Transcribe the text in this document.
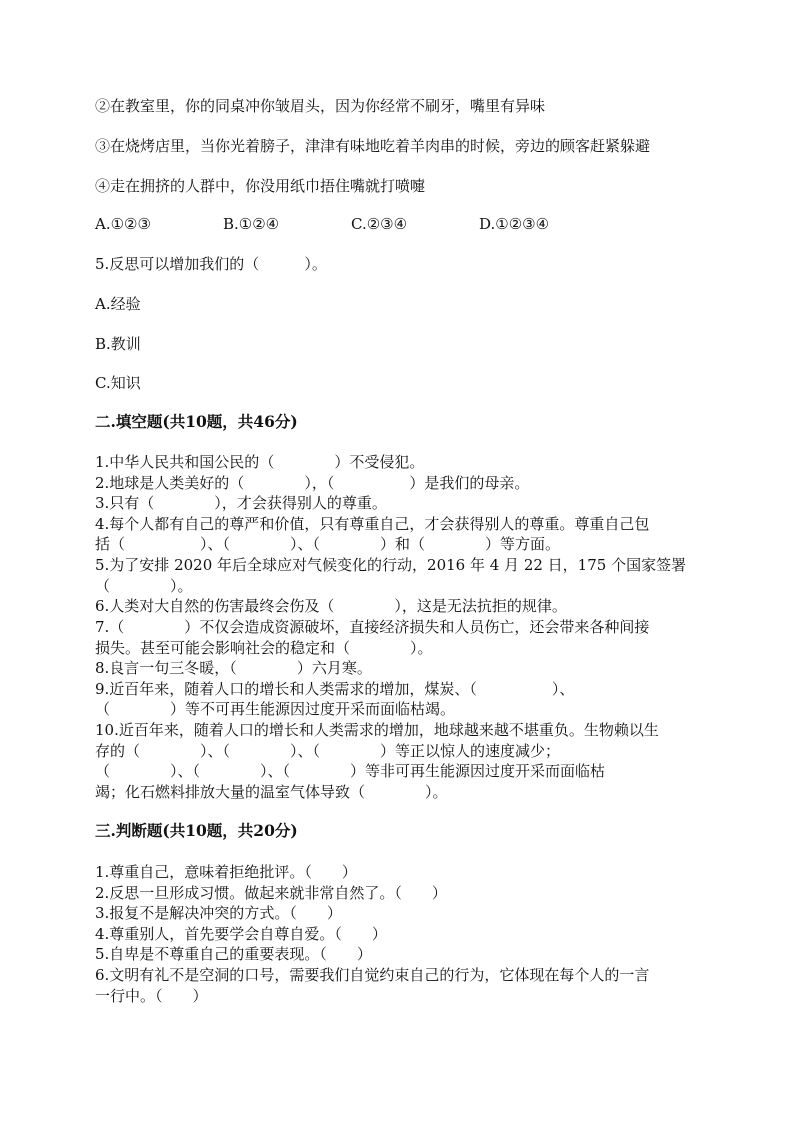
②在教室里，你的同桌冲你皱眉头，因为你经常不刷牙，嘴里有异味
③在烧烤店里，当你光着膀子，津津有味地吃着羊肉串的时候，旁边的顾客赶紧躲避
④走在拥挤的人群中，你没用纸巾捂住嘴就打喷嚏
A.①②③	B.①②④	C.②③④	D.①②③④
5.反思可以增加我们的（　　　）。
A.经验
B.教训
C.知识
二.填空题(共10题，共46分)
1.中华人民共和国公民的（　　　　）不受侵犯。
2.地球是人类美好的（　　　　），（　　　　　）是我们的母亲。
3.只有（　　　　），才会获得别人的尊重。
4.每个人都有自己的尊严和价值，只有尊重自己，才会获得别人的尊重。尊重自己包
括（　　　　　）、（　　　　）、（　　　　）和（　　　　）等方面。
5.为了安排 2020 年后全球应对气候变化的行动，2016 年 4 月 22 日，175 个国家签署
（　　　　）。
6.人类对大自然的伤害最终会伤及（　　　　），这是无法抗拒的规律。
7.（　　　　）不仅会造成资源破坏，直接经济损失和人员伤亡，还会带来各种间接
损失。甚至可能会影响社会的稳定和（　　　　）。
8.良言一句三冬暖，（　　　　）六月寒。
9.近百年来，随着人口的增长和人类需求的增加，煤炭、（　　　　　）、
（　　　　）等不可再生能源因过度开采而面临枯竭。
10.近百年来，随着人口的增长和人类需求的增加，地球越来越不堪重负。生物赖以生
存的（　　　　）、（　　　　）、（　　　　）等正以惊人的速度减少；
（　　　　）、（　　　　）、（　　　　）等非可再生能源因过度开采而面临枯
竭；化石燃料排放大量的温室气体导致（　　　　）。
三.判断题(共10题，共20分)
1.尊重自己，意味着拒绝批评。（　　）
2.反思一旦形成习惯。做起来就非常自然了。（　　）
3.报复不是解决冲突的方式。（　　）
4.尊重别人，首先要学会自尊自爱。（　　）
5.自卑是不尊重自己的重要表现。（　　）
6.文明有礼不是空洞的口号，需要我们自觉约束自己的行为，它体现在每个人的一言
一行中。（　　）
